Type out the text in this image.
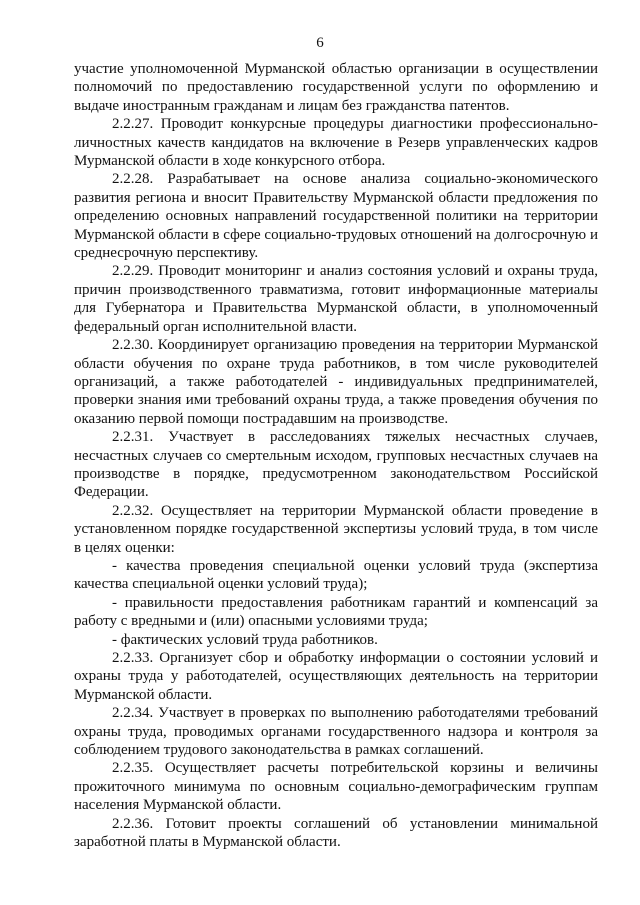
6

участие уполномоченной Мурманской областью организации в осуществлении полномочий по предоставлению государственной услуги по оформлению и выдаче иностранным гражданам и лицам без гражданства патентов.

2.2.27. Проводит конкурсные процедуры диагностики профессионально-личностных качеств кандидатов на включение в Резерв управленческих кадров Мурманской области в ходе конкурсного отбора.

2.2.28. Разрабатывает на основе анализа социально-экономического развития региона и вносит Правительству Мурманской области предложения по определению основных направлений государственной политики на территории Мурманской области в сфере социально-трудовых отношений на долгосрочную и среднесрочную перспективу.

2.2.29. Проводит мониторинг и анализ состояния условий и охраны труда, причин производственного травматизма, готовит информационные материалы для Губернатора и Правительства Мурманской области, в уполномоченный федеральный орган исполнительной власти.

2.2.30. Координирует организацию проведения на территории Мурманской области обучения по охране труда работников, в том числе руководителей организаций, а также работодателей - индивидуальных предпринимателей, проверки знания ими требований охраны труда, а также проведения обучения по оказанию первой помощи пострадавшим на производстве.

2.2.31. Участвует в расследованиях тяжелых несчастных случаев, несчастных случаев со смертельным исходом, групповых несчастных случаев на производстве в порядке, предусмотренном законодательством Российской Федерации.

2.2.32. Осуществляет на территории Мурманской области проведение в установленном порядке государственной экспертизы условий труда, в том числе в целях оценки:

- качества проведения специальной оценки условий труда (экспертиза качества специальной оценки условий труда);

- правильности предоставления работникам гарантий и компенсаций за работу с вредными и (или) опасными условиями труда;

- фактических условий труда работников.

2.2.33. Организует сбор и обработку информации о состоянии условий и охраны труда у работодателей, осуществляющих деятельность на территории Мурманской области.

2.2.34. Участвует в проверках по выполнению работодателями требований охраны труда, проводимых органами государственного надзора и контроля за соблюдением трудового законодательства в рамках соглашений.

2.2.35. Осуществляет расчеты потребительской корзины и величины прожиточного минимума по основным социально-демографическим группам населения Мурманской области.

2.2.36. Готовит проекты соглашений об установлении минимальной заработной платы в Мурманской области.
